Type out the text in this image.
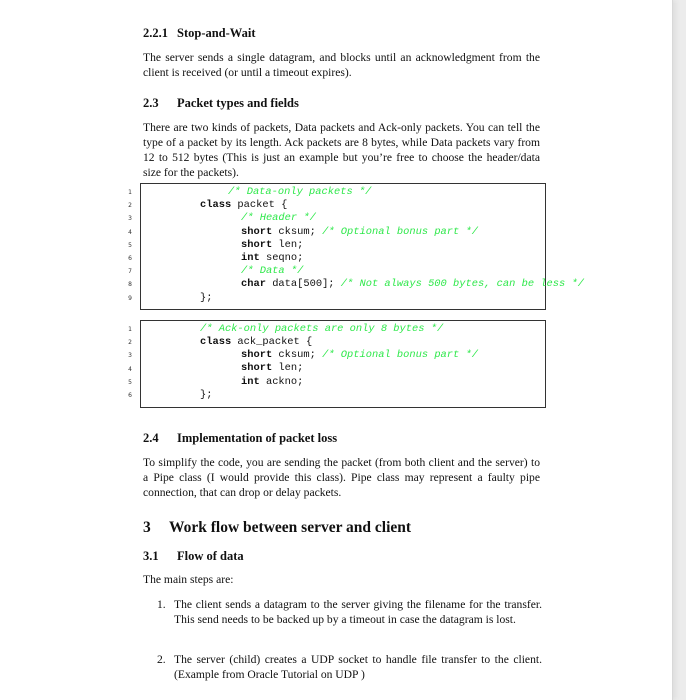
2.2.1 Stop-and-Wait
The server sends a single datagram, and blocks until an acknowledgment from the client is received (or until a timeout expires).
2.3 Packet types and fields
There are two kinds of packets, Data packets and Ack-only packets. You can tell the type of a packet by its length. Ack packets are 8 bytes, while Data packets vary from 12 to 512 bytes (This is just an example but you’re free to choose the header/data size for the packets).
1
2
3
4
5
6
7
8
9
/* Data-only packets */
class packet {
/* Header */
short cksum; /* Optional bonus part */
short len;
int seqno;
/* Data */
char data[500]; /* Not always 500 bytes, can be less */
};
1
2
3
4
5
6
/* Ack-only packets are only 8 bytes */
class ack_packet {
short cksum; /* Optional bonus part */
short len;
int ackno;
};
2.4 Implementation of packet loss
To simplify the code, you are sending the packet (from both client and the server) to a Pipe class (I would provide this class). Pipe class may represent a faulty pipe connection, that can drop or delay packets.
3 Work flow between server and client
3.1 Flow of data
The main steps are:
1. The client sends a datagram to the server giving the filename for the transfer. This send needs to be backed up by a timeout in case the datagram is lost.
2. The server (child) creates a UDP socket to handle file transfer to the client.(Example from Oracle Tutorial on UDP )
